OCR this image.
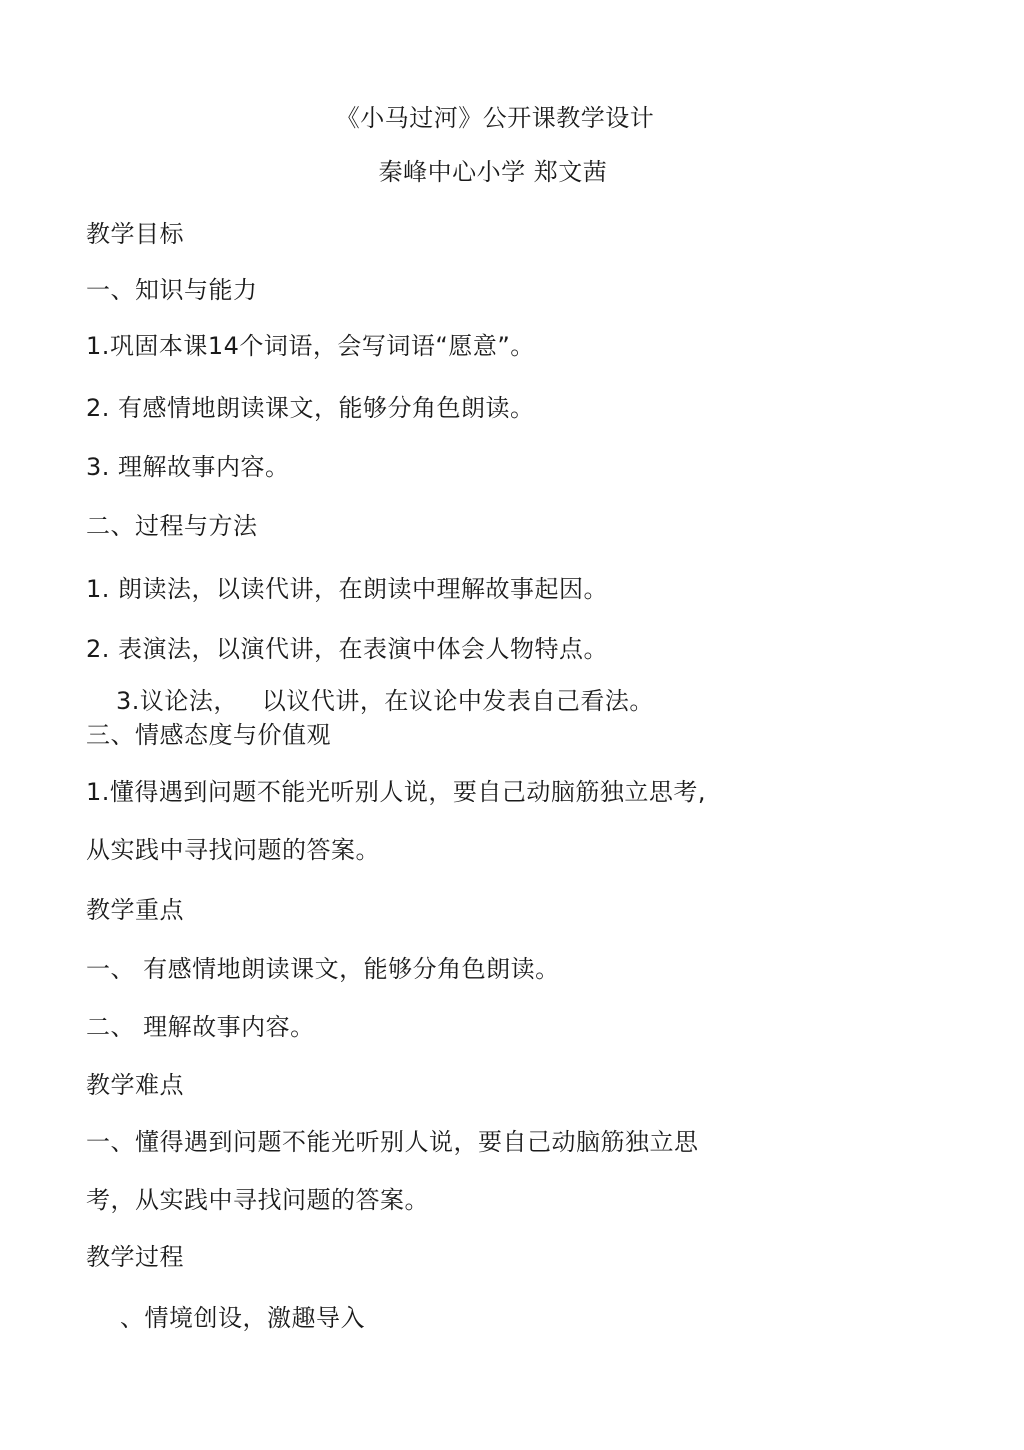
《小马过河》公开课教学设计
秦峰中心小学 郑文茜
教学目标
一、知识与能力
1.巩固本课14个词语，会写词语“愿意”。
2. 有感情地朗读课文，能够分角色朗读。
3. 理解故事内容。
二、过程与方法
1. 朗读法，以读代讲，在朗读中理解故事起因。
2. 表演法，以演代讲，在表演中体会人物特点。
3.议论法， 以议代讲，在议论中发表自己看法。
三、情感态度与价值观
1.懂得遇到问题不能光听别人说，要自己动脑筋独立思考,
从实践中寻找问题的答案。
教学重点
一、 有感情地朗读课文，能够分角色朗读。
二、 理解故事内容。
教学难点
一、懂得遇到问题不能光听别人说，要自己动脑筋独立思
考，从实践中寻找问题的答案。
教学过程
、情境创设，激趣导入
